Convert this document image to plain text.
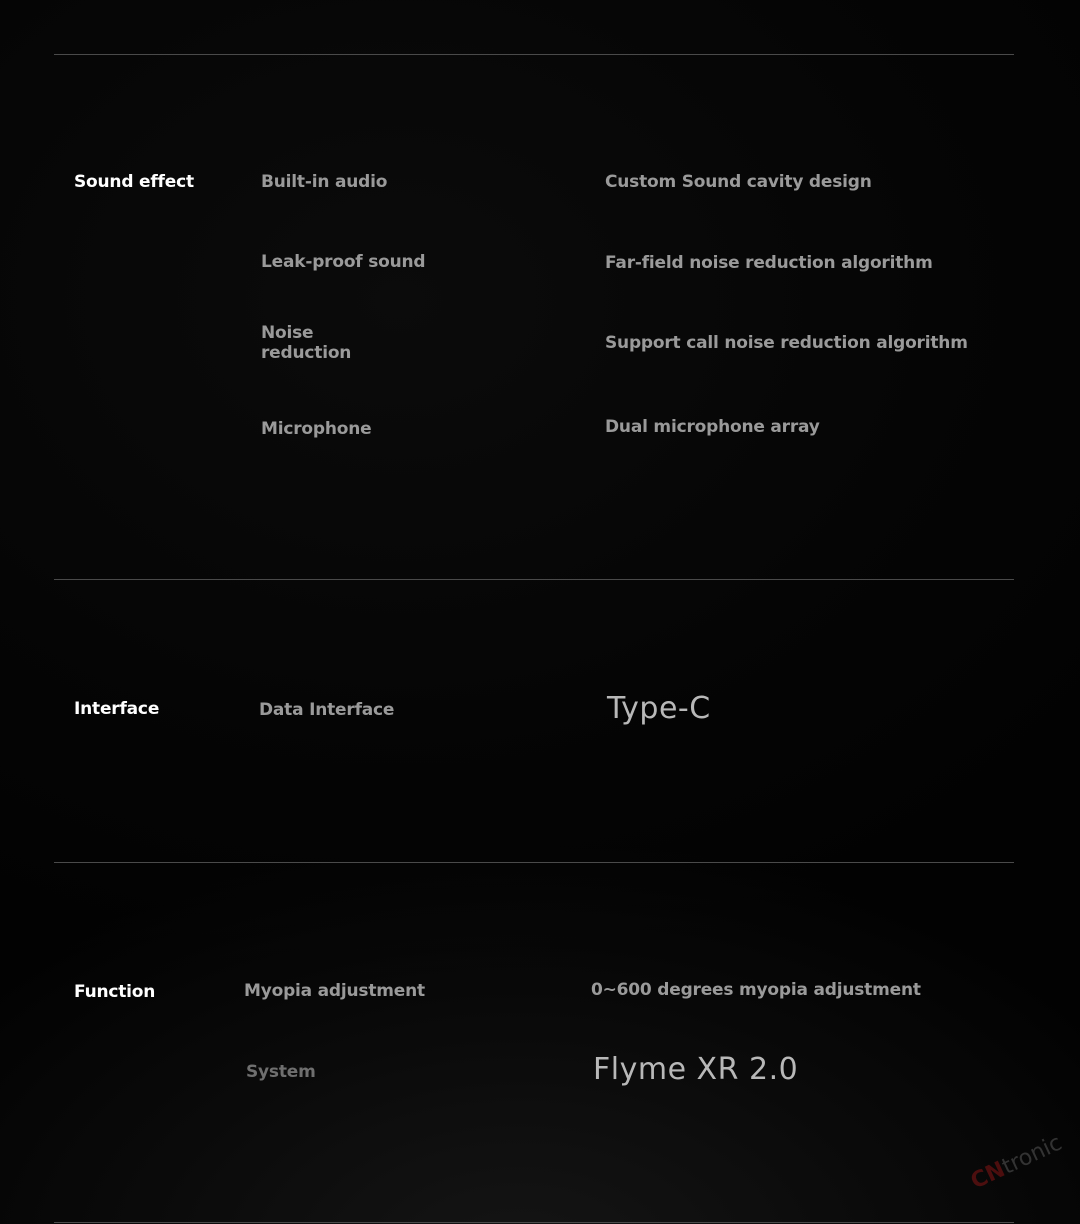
Sound effect	Built-in audio	Custom Sound cavity design

Leak-proof sound	Far-field noise reduction algorithm

Noise reduction	Support call noise reduction algorithm

Microphone	Dual microphone array

Interface	Data Interface	Type-C

Function	Myopia adjustment	0~600 degrees myopia adjustment

System	Flyme XR 2.0

CNtronic
